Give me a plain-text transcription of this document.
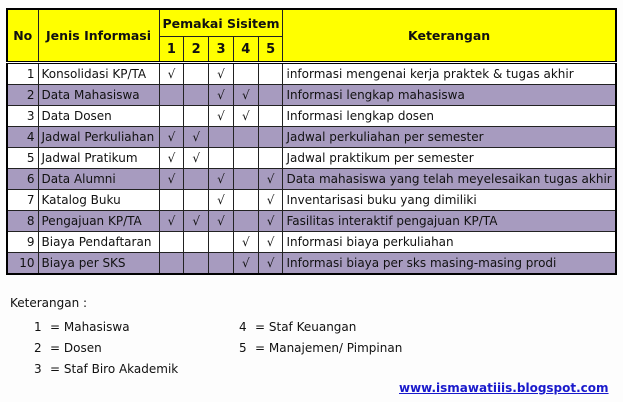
No	Jenis Informasi	Pemakai Sisitem					Keterangan
		1	2	3	4	5	
1	Konsolidasi KP/TA	√		√			informasi mengenai kerja praktek & tugas akhir
2	Data Mahasiswa			√	√		Informasi lengkap mahasiswa
3	Data Dosen			√	√		Informasi lengkap dosen
4	Jadwal Perkuliahan	√	√				Jadwal perkuliahan per semester
5	Jadwal Pratikum	√	√				Jadwal praktikum per semester
6	Data Alumni	√		√		√	Data mahasiswa yang telah meyelesaikan tugas akhir
7	Katalog Buku			√		√	Inventarisasi buku yang dimiliki
8	Pengajuan KP/TA	√	√	√		√	Fasilitas interaktif pengajuan KP/TA
9	Biaya Pendaftaran				√	√	Informasi biaya perkuliahan
10	Biaya per SKS				√	√	Informasi biaya per sks masing-masing prodi
Keterangan :
1 = Mahasiswa
2 = Dosen
3 = Staf Biro Akademik
4 = Staf Keuangan
5 = Manajemen/ Pimpinan
www.ismawatiiis.blogspot.com
